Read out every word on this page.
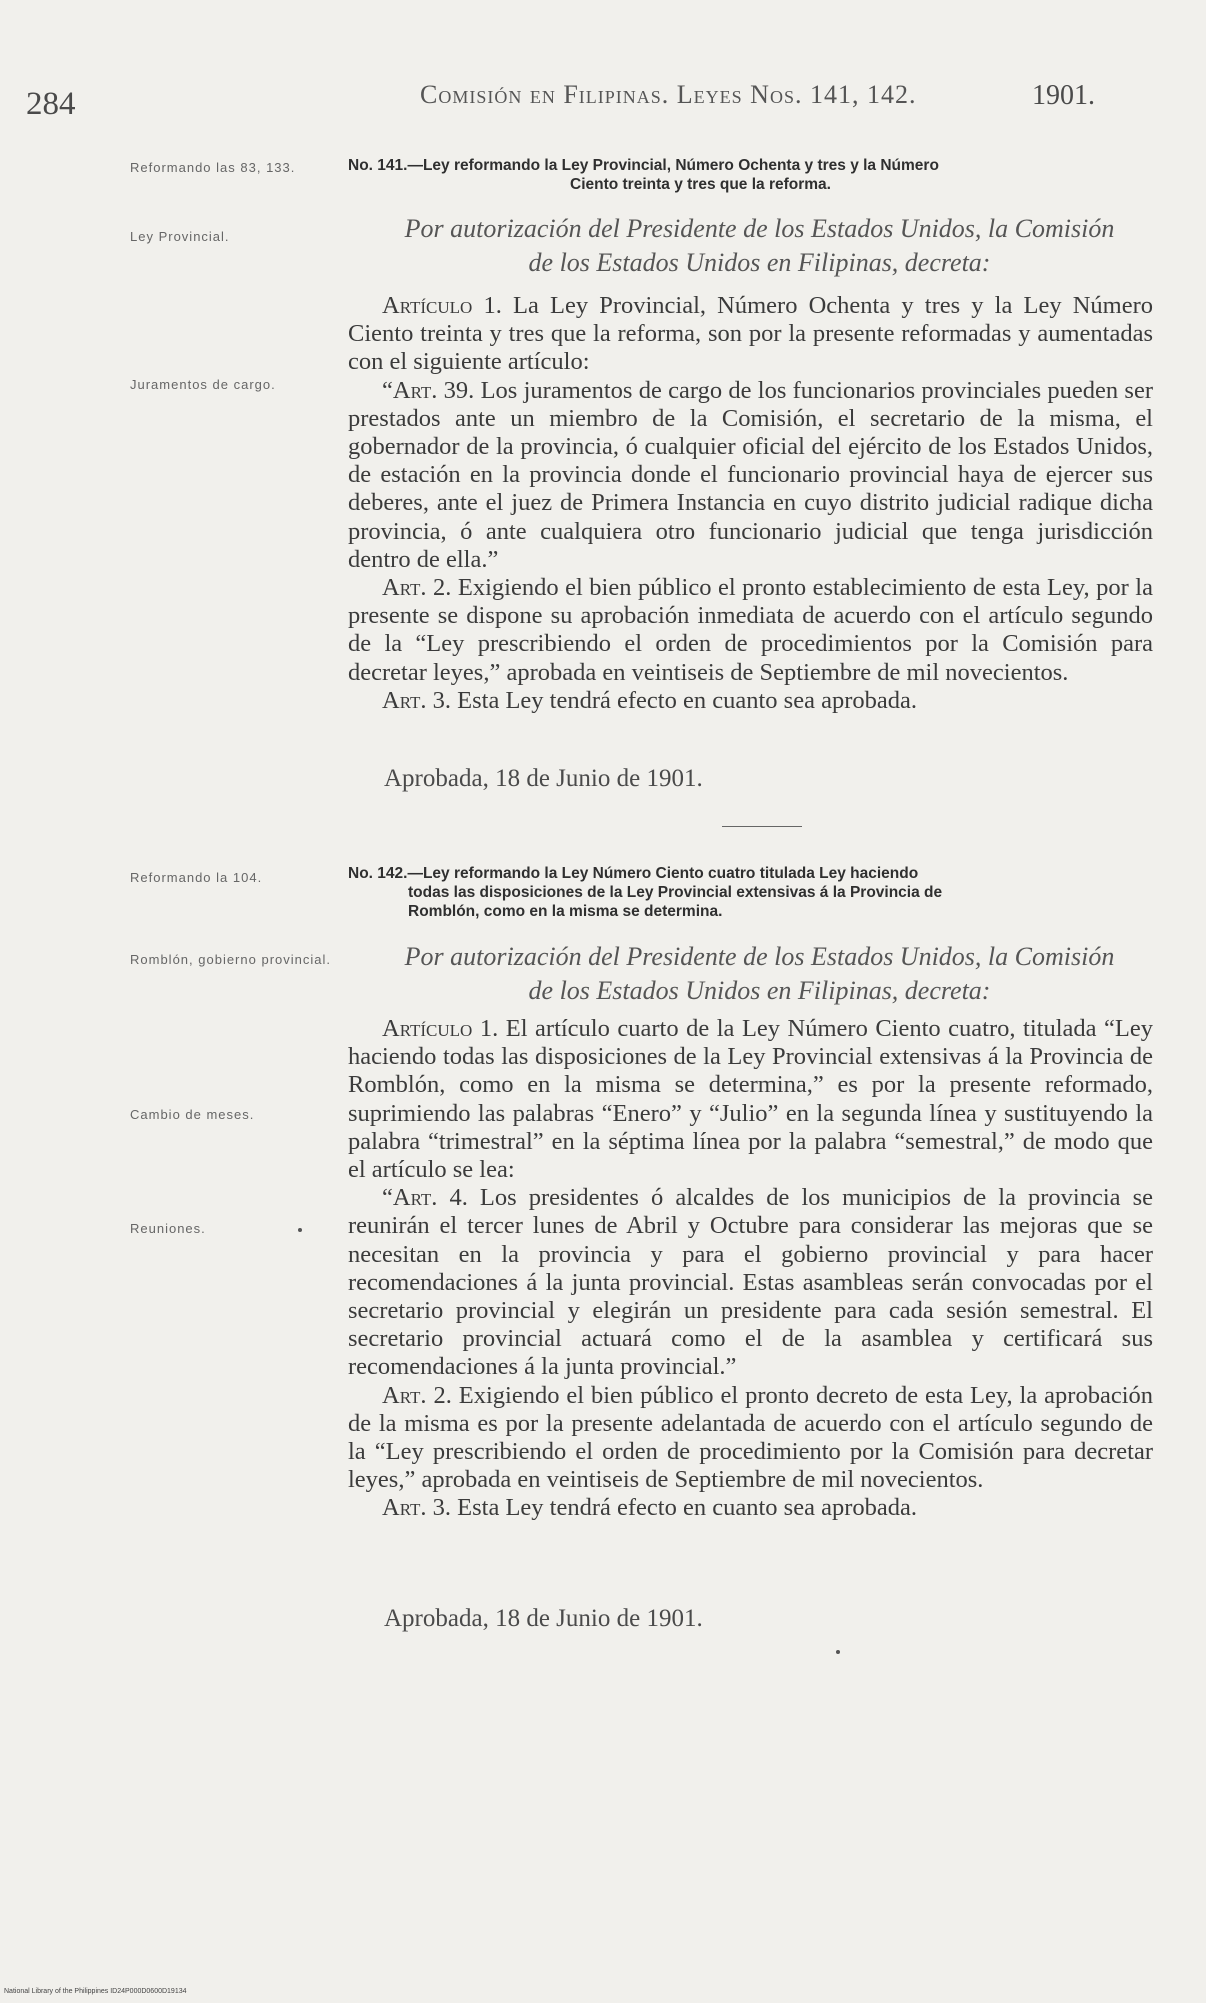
284	Comisión en Filipinas. Leyes Nos. 141, 142.	1901.
Reformando las 83, 133.	No. 141.—Ley reformando la Ley Provincial, Número Ochenta y tres y la Número
Ciento treinta y tres que la reforma.
Ley Provincial.	Por autorización del Presidente de los Estados Unidos, la Comisión
de los Estados Unidos en Filipinas, decreta:
Juramentos de cargo.

Artículo 1. La Ley Provincial, Número Ochenta y tres y la Ley Número Ciento treinta y tres que la reforma, son por la presente reformadas y aumentadas con el siguiente artículo:

“Art. 39. Los juramentos de cargo de los funcionarios provinciales pueden ser prestados ante un miembro de la Comisión, el secretario de la misma, el gobernador de la provincia, ó cualquier oficial del ejército de los Estados Unidos, de estación en la provincia donde el funcionario provincial haya de ejercer sus deberes, ante el juez de Primera Instancia en cuyo distrito judicial radique dicha provincia, ó ante cualquiera otro funcionario judicial que tenga jurisdicción dentro de ella.”

Art. 2. Exigiendo el bien público el pronto establecimiento de esta Ley, por la presente se dispone su aprobación inmediata de acuerdo con el artículo segundo de la “Ley prescribiendo el orden de procedimientos por la Comisión para decretar leyes,” aprobada en veintiseis de Septiembre de mil novecientos.

Art. 3. Esta Ley tendrá efecto en cuanto sea aprobada.

Aprobada, 18 de Junio de 1901.
Reformando la 104.	No. 142.—Ley reformando la Ley Número Ciento cuatro titulada Ley haciendo
todas las disposiciones de la Ley Provincial extensivas á la Provincia de
Romblón, como en la misma se determina.
Romblón, gobierno provincial.	Por autorización del Presidente de los Estados Unidos, la Comisión
de los Estados Unidos en Filipinas, decreta:
Cambio de meses.
Reuniones.

Artículo 1. El artículo cuarto de la Ley Número Ciento cuatro, titulada “Ley haciendo todas las disposiciones de la Ley Provincial extensivas á la Provincia de Romblón, como en la misma se determina,” es por la presente reformado, suprimiendo las palabras “Enero” y “Julio” en la segunda línea y sustituyendo la palabra “trimestral” en la séptima línea por la palabra “semestral,” de modo que el artículo se lea:

“Art. 4. Los presidentes ó alcaldes de los municipios de la provincia se reunirán el tercer lunes de Abril y Octubre para considerar las mejoras que se necesitan en la provincia y para el gobierno provincial y para hacer recomendaciones á la junta provincial. Estas asambleas serán convocadas por el secretario provincial y elegirán un presidente para cada sesión semestral. El secretario provincial actuará como el de la asamblea y certificará sus recomendaciones á la junta provincial.”

Art. 2. Exigiendo el bien público el pronto decreto de esta Ley, la aprobación de la misma es por la presente adelantada de acuerdo con el artículo segundo de la “Ley prescribiendo el orden de procedimiento por la Comisión para decretar leyes,” aprobada en veintiseis de Septiembre de mil novecientos.

Art. 3. Esta Ley tendrá efecto en cuanto sea aprobada.

Aprobada, 18 de Junio de 1901.
National Library of the Philippines ID24P000D0600D19134
